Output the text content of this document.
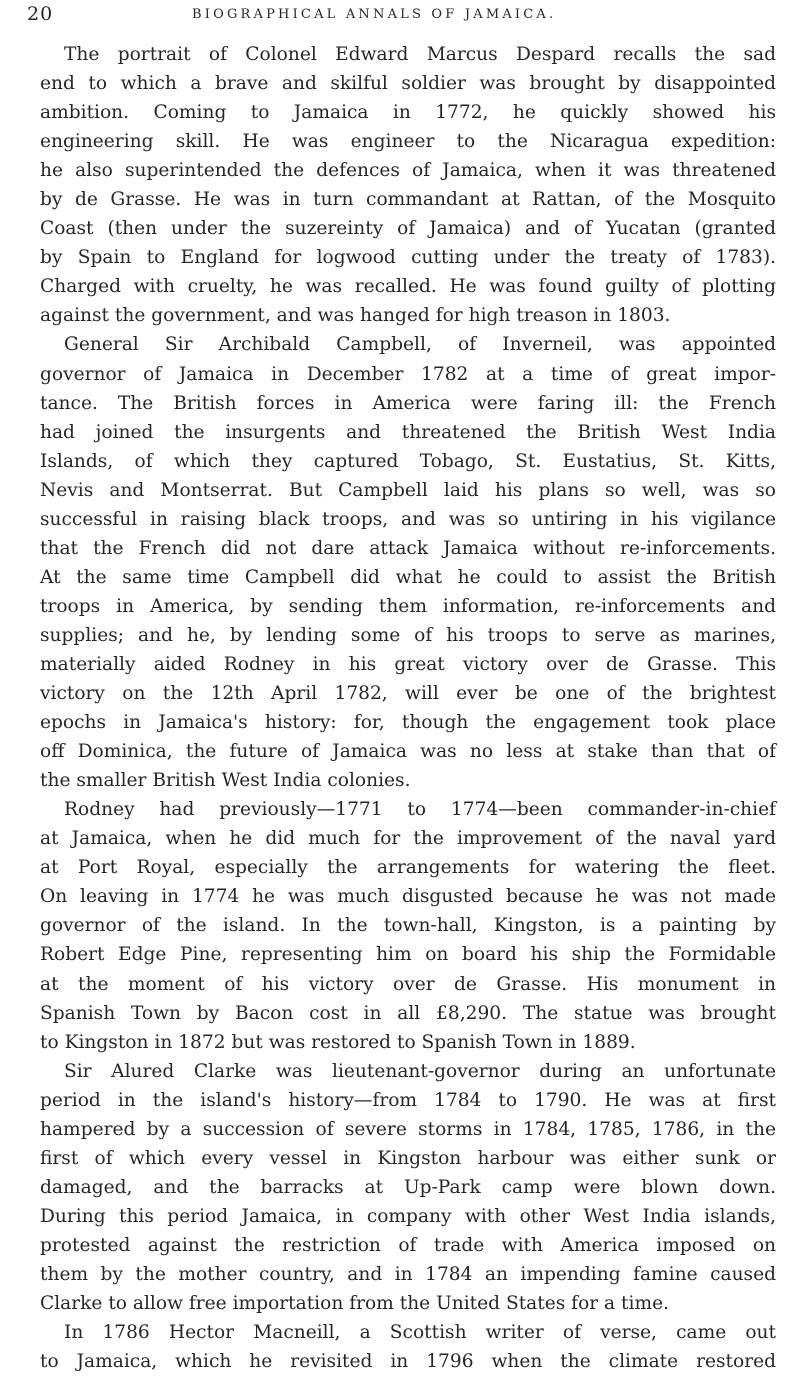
20	BIOGRAPHICAL ANNALS OF JAMAICA.
The portrait of Colonel Edward Marcus Despard recalls the sad
end to which a brave and skilful soldier was brought by disappointed
ambition. Coming to Jamaica in 1772, he quickly showed his
engineering skill. He was engineer to the Nicaragua expedition:
he also superintended the defences of Jamaica, when it was threatened
by de Grasse. He was in turn commandant at Rattan, of the Mosquito
Coast (then under the suzereinty of Jamaica) and of Yucatan (granted
by Spain to England for logwood cutting under the treaty of 1783).
Charged with cruelty, he was recalled. He was found guilty of plotting
against the government, and was hanged for high treason in 1803.
General Sir Archibald Campbell, of Inverneil, was appointed
governor of Jamaica in December 1782 at a time of great impor-
tance. The British forces in America were faring ill: the French
had joined the insurgents and threatened the British West India
Islands, of which they captured Tobago, St. Eustatius, St. Kitts,
Nevis and Montserrat. But Campbell laid his plans so well, was so
successful in raising black troops, and was so untiring in his vigilance
that the French did not dare attack Jamaica without re-inforcements.
At the same time Campbell did what he could to assist the British
troops in America, by sending them information, re-inforcements and
supplies; and he, by lending some of his troops to serve as marines,
materially aided Rodney in his great victory over de Grasse. This
victory on the 12th April 1782, will ever be one of the brightest
epochs in Jamaica's history: for, though the engagement took place
off Dominica, the future of Jamaica was no less at stake than that of
the smaller British West India colonies.
Rodney had previously—1771 to 1774—been commander-in-chief
at Jamaica, when he did much for the improvement of the naval yard
at Port Royal, especially the arrangements for watering the fleet.
On leaving in 1774 he was much disgusted because he was not made
governor of the island. In the town-hall, Kingston, is a painting by
Robert Edge Pine, representing him on board his ship the Formidable
at the moment of his victory over de Grasse. His monument in
Spanish Town by Bacon cost in all £8,290. The statue was brought
to Kingston in 1872 but was restored to Spanish Town in 1889.
Sir Alured Clarke was lieutenant-governor during an unfortunate
period in the island's history—from 1784 to 1790. He was at first
hampered by a succession of severe storms in 1784, 1785, 1786, in the
first of which every vessel in Kingston harbour was either sunk or
damaged, and the barracks at Up-Park camp were blown down.
During this period Jamaica, in company with other West India islands,
protested against the restriction of trade with America imposed on
them by the mother country, and in 1784 an impending famine caused
Clarke to allow free importation from the United States for a time.
In 1786 Hector Macneill, a Scottish writer of verse, came out
to Jamaica, which he revisited in 1796 when the climate restored
